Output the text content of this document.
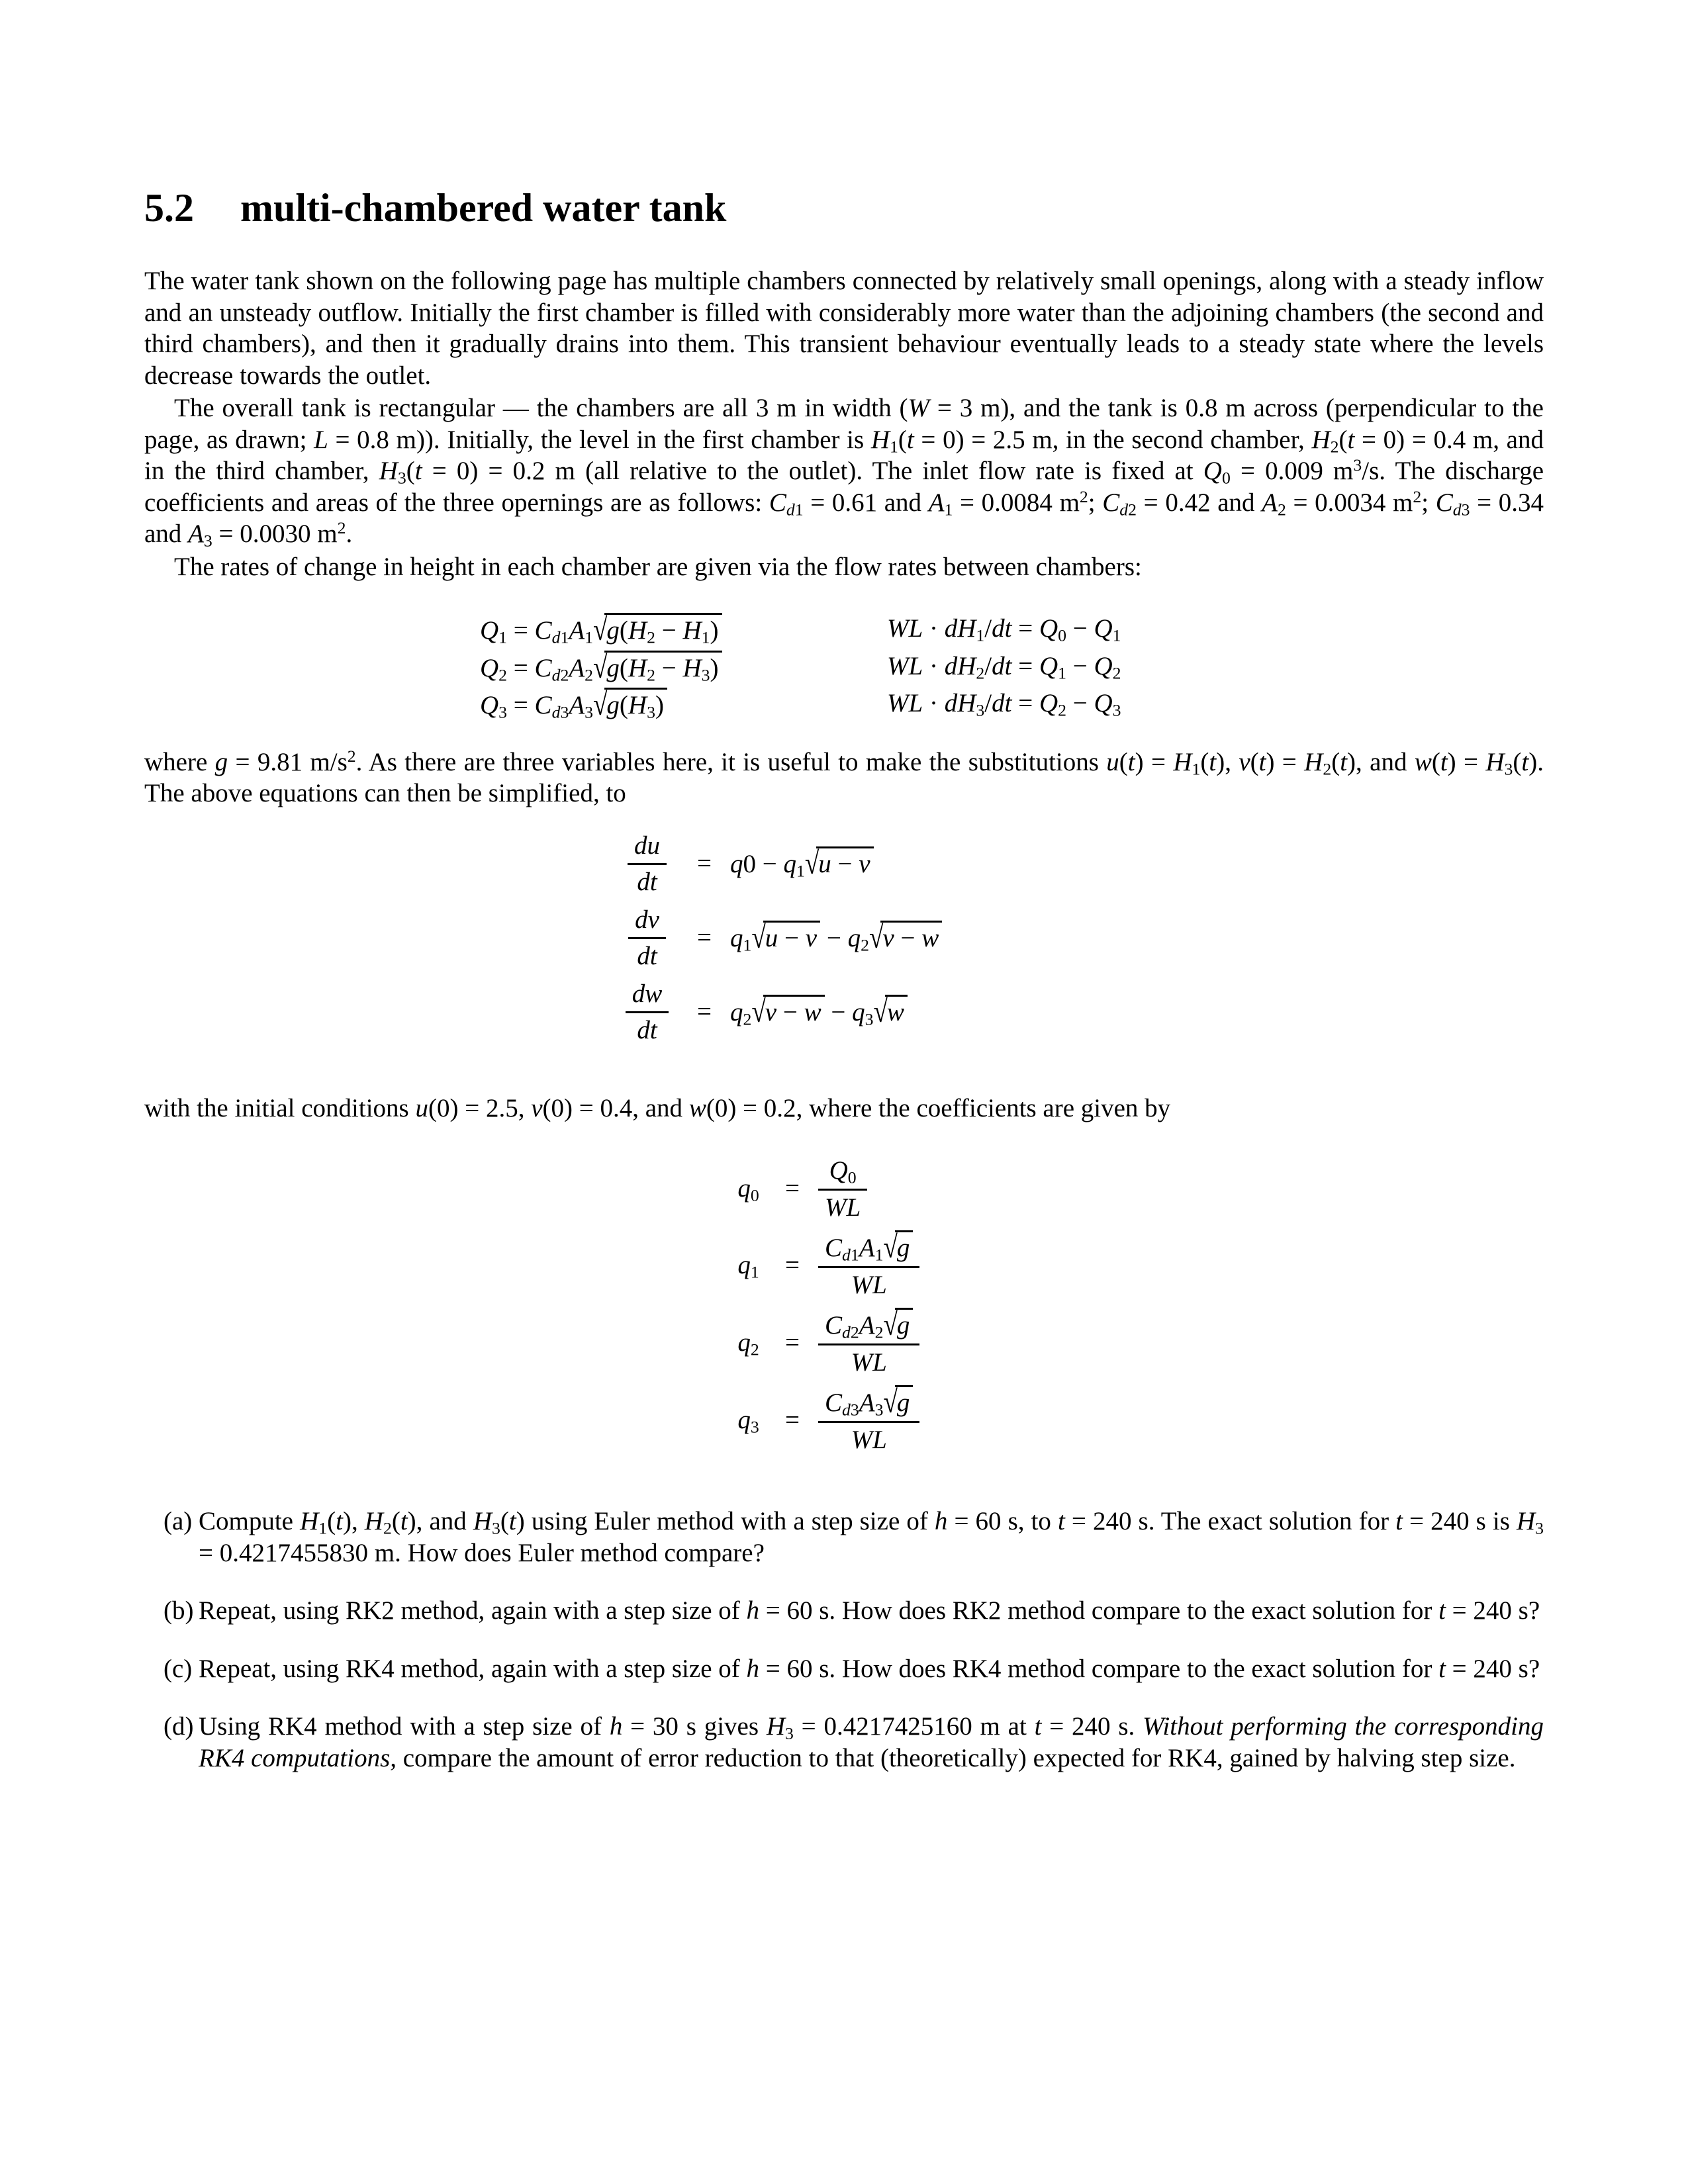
5.2 multi-chambered water tank

The water tank shown on the following page has multiple chambers connected by relatively small openings, along with a steady inflow and an unsteady outflow. Initially the first chamber is filled with considerably more water than the adjoining chambers (the second and third chambers), and then it gradually drains into them. This transient behaviour eventually leads to a steady state where the levels decrease towards the outlet.

The overall tank is rectangular — the chambers are all 3 m in width (W = 3 m), and the tank is 0.8 m across (perpendicular to the page, as drawn; L = 0.8 m)). Initially, the level in the first chamber is $H_1(t = 0) = 2.5$ m, in the second chamber, $H_2(t = 0) = 0.4$ m, and in the third chamber, $H_3(t = 0) = 0.2$ m (all relative to the outlet). The inlet flow rate is fixed at $Q_0 = 0.009$ $m^3/s$. The discharge coefficients and areas of the three opernings are as follows: $C_{d1} = 0.61$ and $A_1 = 0.0084$ $m^2$; $C_{d2} = 0.42$ and $A_2 = 0.0034$ $m^2$; $C_{d3} = 0.34$ and $A_3 = 0.0030$ $m^2$.

The rates of change in height in each chamber are given via the flow rates between chambers:

$Q_1 = C_{d1}A_1√g(H_2 - H_1)$	WL · $dH_1/dt = Q_0 - Q_1$
$Q_2 = C_{d2}A_2√g(H_2 - H_3)$	WL · $dH_2/dt = Q_1 - Q_2$
$Q_3 = C_{d3}A_3√g(H_3)$	WL · $dH_3/dt = Q_2 - Q_3$

where g = 9.81 $m/s^2$. As there are three variables here, it is useful to make the substitutions $u(t) = H_1(t)$, $v(t) = H_2(t)$, and $w(t) = H_3(t)$. The above equations can then be simplified, to

$\frac{du}{dt} = q0 - q_1√u - v$
$\frac{dv}{dt} = q_1√u - v - q_2√v - w$
$\frac{dw}{dt} = q_2√v - w - q_3√w$

with the initial conditions u(0) = 2.5, v(0) = 0.4, and w(0) = 0.2, where the coefficients are given by

$q_0 = \frac{Q_0}{WL}$
$q_1 = \frac{C_{d1}A_1√g}{WL}$
$q_2 = \frac{C_{d2}A_2√g}{WL}$
$q_3 = \frac{C_{d3}A_3√g}{WL}$
(a) Compute $H_1(t)$, $H_2(t)$, and $H_3(t)$ using Euler method with a step size of h = 60 s, to t = 240 s. The exact solution for t = 240 s is $H_3 = 0.4217455830$ m. How does Euler method compare?
(b) Repeat, using RK2 method, again with a step size of h = 60 s. How does RK2 method compare to the exact solution for t = 240 s?
(c) Repeat, using RK4 method, again with a step size of h = 60 s. How does RK4 method compare to the exact solution for t = 240 s?
(d) Using RK4 method with a step size of h = 30 s gives $H_3 = 0.4217425160$ m at t = 240 s. Without performing the corresponding RK4 computations, compare the amount of error reduction to that (theoretically) expected for RK4, gained by halving step size.
